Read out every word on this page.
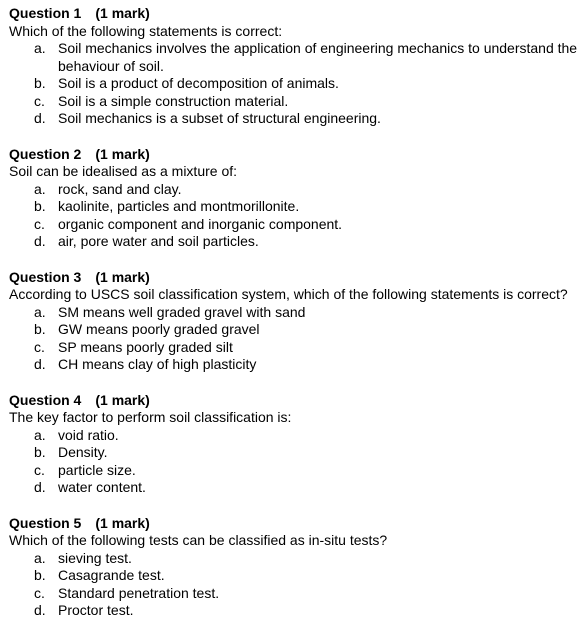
Question 1 (1 mark)
Which of the following statements is correct:
a. Soil mechanics involves the application of engineering mechanics to understand the behaviour of soil.
b. Soil is a product of decomposition of animals.
c. Soil is a simple construction material.
d. Soil mechanics is a subset of structural engineering.
Question 2 (1 mark)
Soil can be idealised as a mixture of:
a. rock, sand and clay.
b. kaolinite, particles and montmorillonite.
c. organic component and inorganic component.
d. air, pore water and soil particles.
Question 3 (1 mark)
According to USCS soil classification system, which of the following statements is correct?
a. SM means well graded gravel with sand
b. GW means poorly graded gravel
c. SP means poorly graded silt
d. CH means clay of high plasticity
Question 4 (1 mark)
The key factor to perform soil classification is:
a. void ratio.
b. Density.
c. particle size.
d. water content.
Question 5 (1 mark)
Which of the following tests can be classified as in-situ tests?
a. sieving test.
b. Casagrande test.
c. Standard penetration test.
d. Proctor test.
